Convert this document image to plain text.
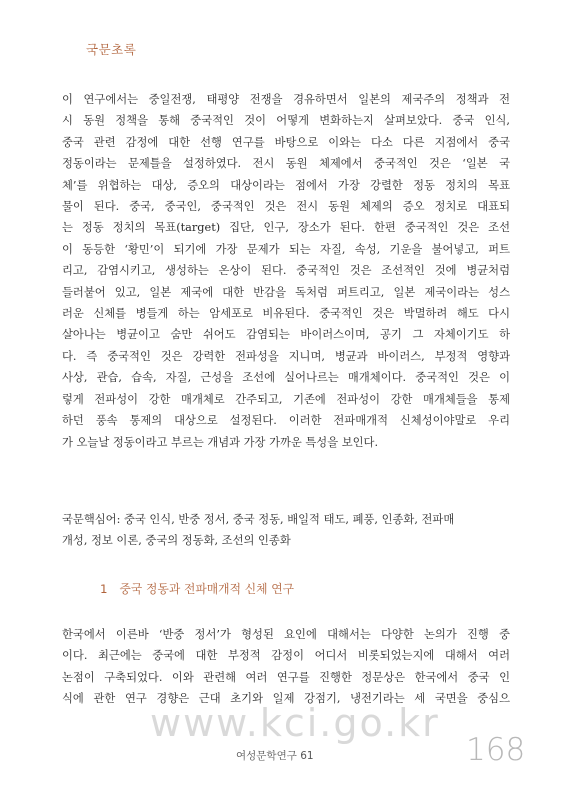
국문초록
이 연구에서는 중일전쟁, 태평양 전쟁을 경유하면서 일본의 제국주의 정책과 전
시 동원 정책을 통해 중국적인 것이 어떻게 변화하는지 살펴보았다. 중국 인식,
중국 관련 감정에 대한 선행 연구를 바탕으로 이와는 다소 다른 지점에서 중국
정동이라는 문제틀을 설정하였다. 전시 동원 체제에서 중국적인 것은 ‘일본 국
체’를 위협하는 대상, 증오의 대상이라는 점에서 가장 강렬한 정동 정치의 목표
물이 된다. 중국, 중국인, 중국적인 것은 전시 동원 체제의 증오 정치로 대표되
는 정동 정치의 목표(target) 집단, 인구, 장소가 된다. 한편 중국적인 것은 조선
이 동등한 ‘황민’이 되기에 가장 문제가 되는 자질, 속성, 기운을 불어넣고, 퍼트
리고, 감염시키고, 생성하는 온상이 된다. 중국적인 것은 조선적인 것에 병균처럼
들러붙어 있고, 일본 제국에 대한 반감을 독처럼 퍼트리고, 일본 제국이라는 성스
러운 신체를 병들게 하는 암세포로 비유된다. 중국적인 것은 박멸하려 해도 다시
살아나는 병균이고 숨만 쉬어도 감염되는 바이러스이며, 공기 그 자체이기도 하
다. 즉 중국적인 것은 강력한 전파성을 지니며, 병균과 바이러스, 부정적 영향과
사상, 관습, 습속, 자질, 근성을 조선에 실어나르는 매개체이다. 중국적인 것은 이
렇게 전파성이 강한 매개체로 간주되고, 기존에 전파성이 강한 매개체들을 통제
하던 풍속 통제의 대상으로 설정된다. 이러한 전파매개적 신체성이야말로 우리
가 오늘날 정동이라고 부르는 개념과 가장 가까운 특성을 보인다.
국문핵심어: 중국 인식, 반중 정서, 중국 정동, 배일적 태도, 폐풍, 인종화, 전파매
개성, 정보 이론, 중국의 정동화, 조선의 인종화
1 중국 정동과 전파매개적 신체 연구
한국에서 이른바 ‘반중 정서’가 형성된 요인에 대해서는 다양한 논의가 진행 중
이다. 최근에는 중국에 대한 부정적 감정이 어디서 비롯되었는지에 대해서 여러
논점이 구축되었다. 이와 관련해 여러 연구를 진행한 정문상은 한국에서 중국 인
식에 관한 연구 경향은 근대 초기와 일제 강점기, 냉전기라는 세 국면을 중심으
www.kci.go.kr
여성문학연구 61	168
